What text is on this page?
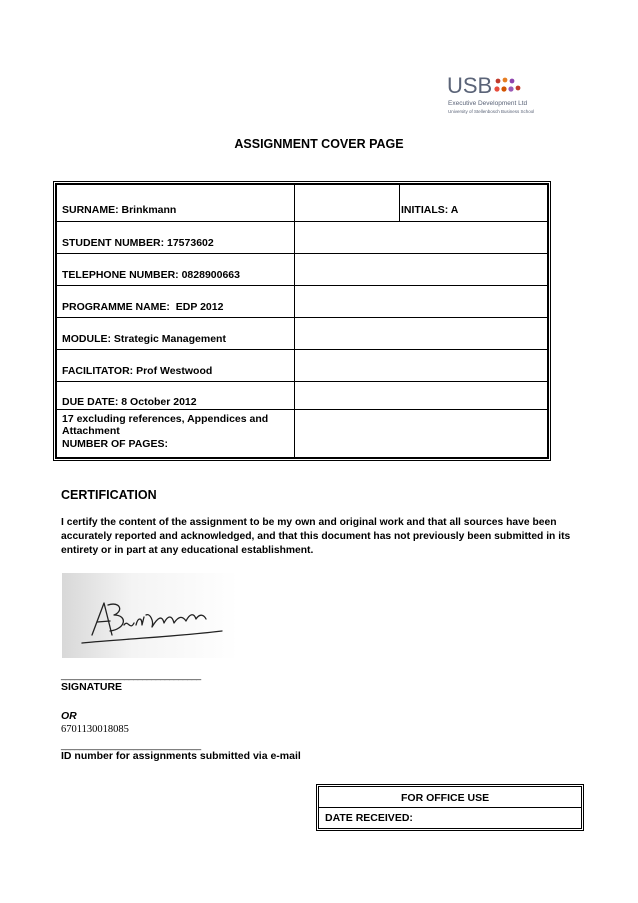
USB
Executive Development Ltd
University of Stellenbosch Business School
ASSIGNMENT COVER PAGE
SURNAME: Brinkmann	INITIALS: A
STUDENT NUMBER: 17573602
TELEPHONE NUMBER: 0828900663
PROGRAMME NAME:  EDP 2012
MODULE: Strategic Management
FACILITATOR: Prof Westwood
DUE DATE: 8 October 2012
17 excluding references, Appendices and Attachment
NUMBER OF PAGES:
CERTIFICATION
I certify the content of the assignment to be my own and original work and that all sources have been accurately reported and acknowledged, and that this document has not previously been submitted in its entirety or in part at any educational establishment.
_______________________________
SIGNATURE
OR
6701130018085
_______________________________
ID number for assignments submitted via e-mail
FOR OFFICE USE
DATE RECEIVED:
